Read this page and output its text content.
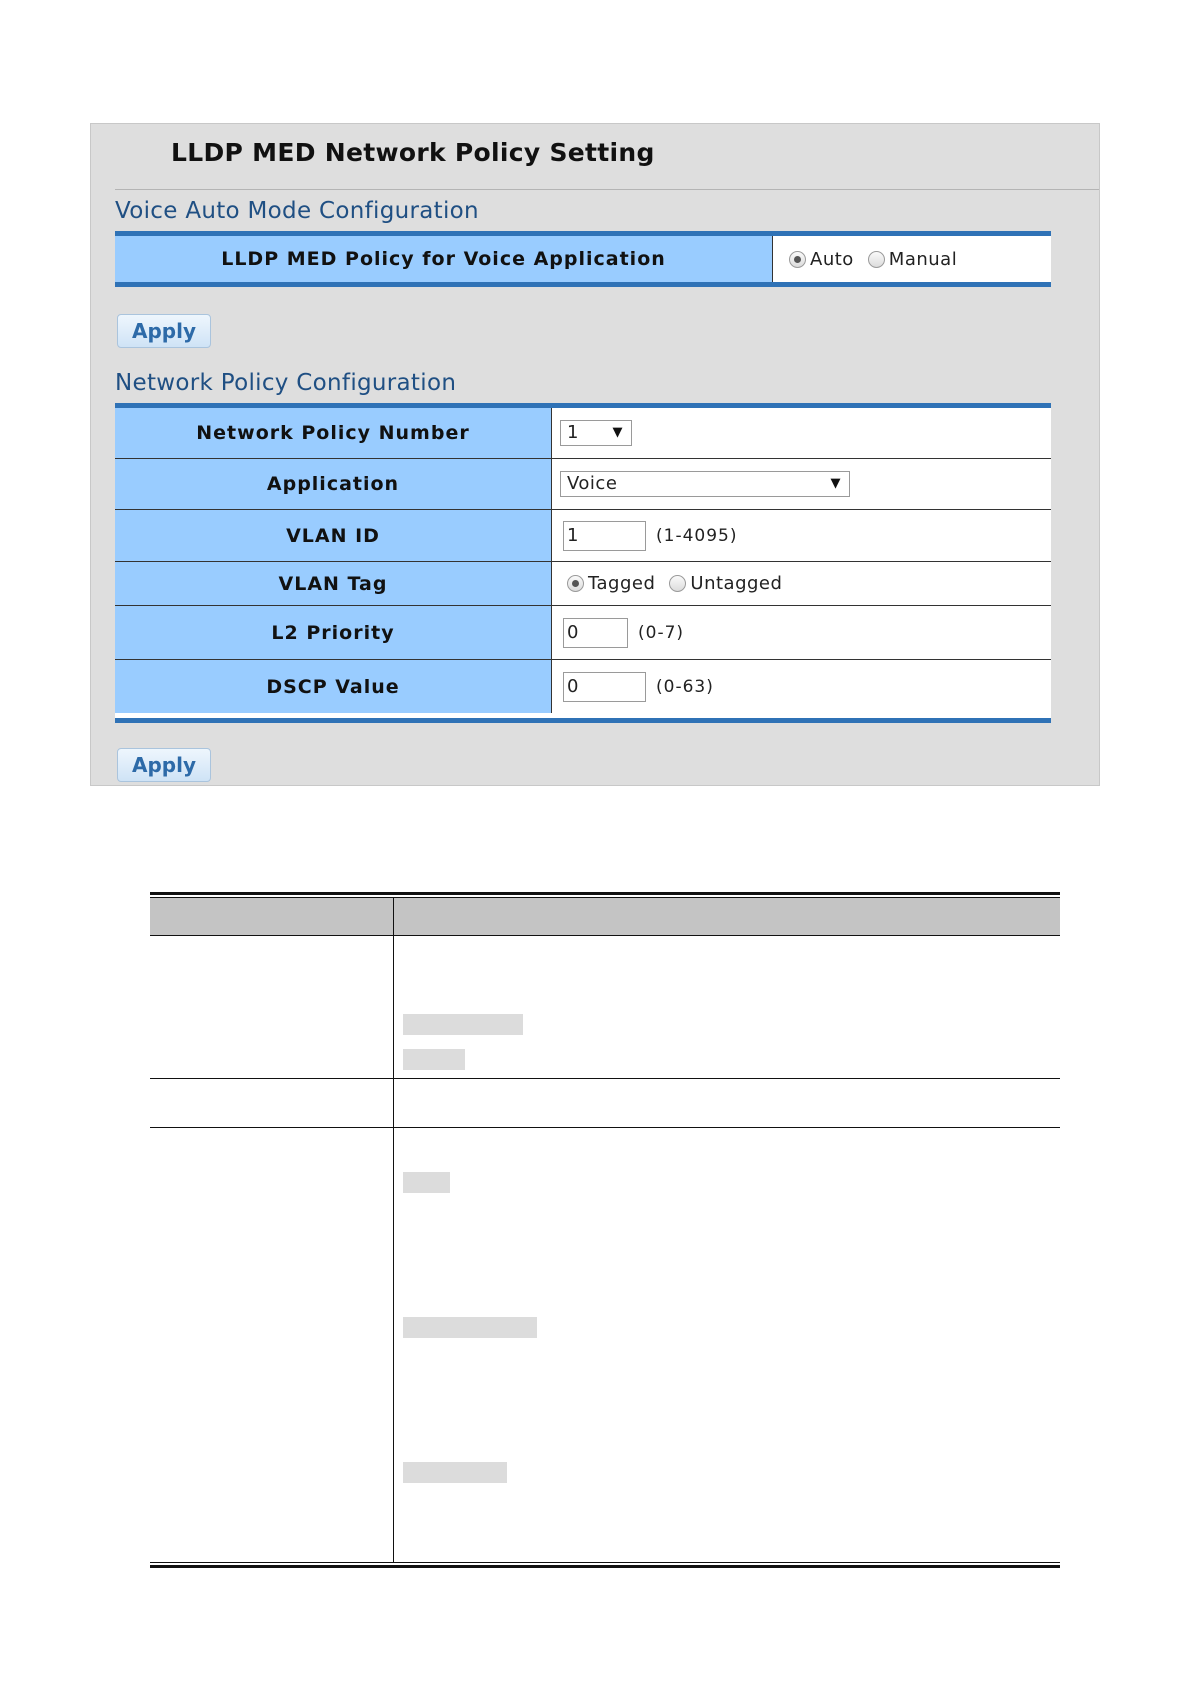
LLDP MED Network Policy Setting
Voice Auto Mode Configuration
LLDP MED Policy for Voice Application	Auto Manual
Apply
Network Policy Configuration
Network Policy Number	1	▼
Application	Voice	▼
VLAN ID	1	(1-4095)
VLAN Tag	Tagged Untagged
L2 Priority	0	(0-7)
DSCP Value	0	(0-63)
Apply
